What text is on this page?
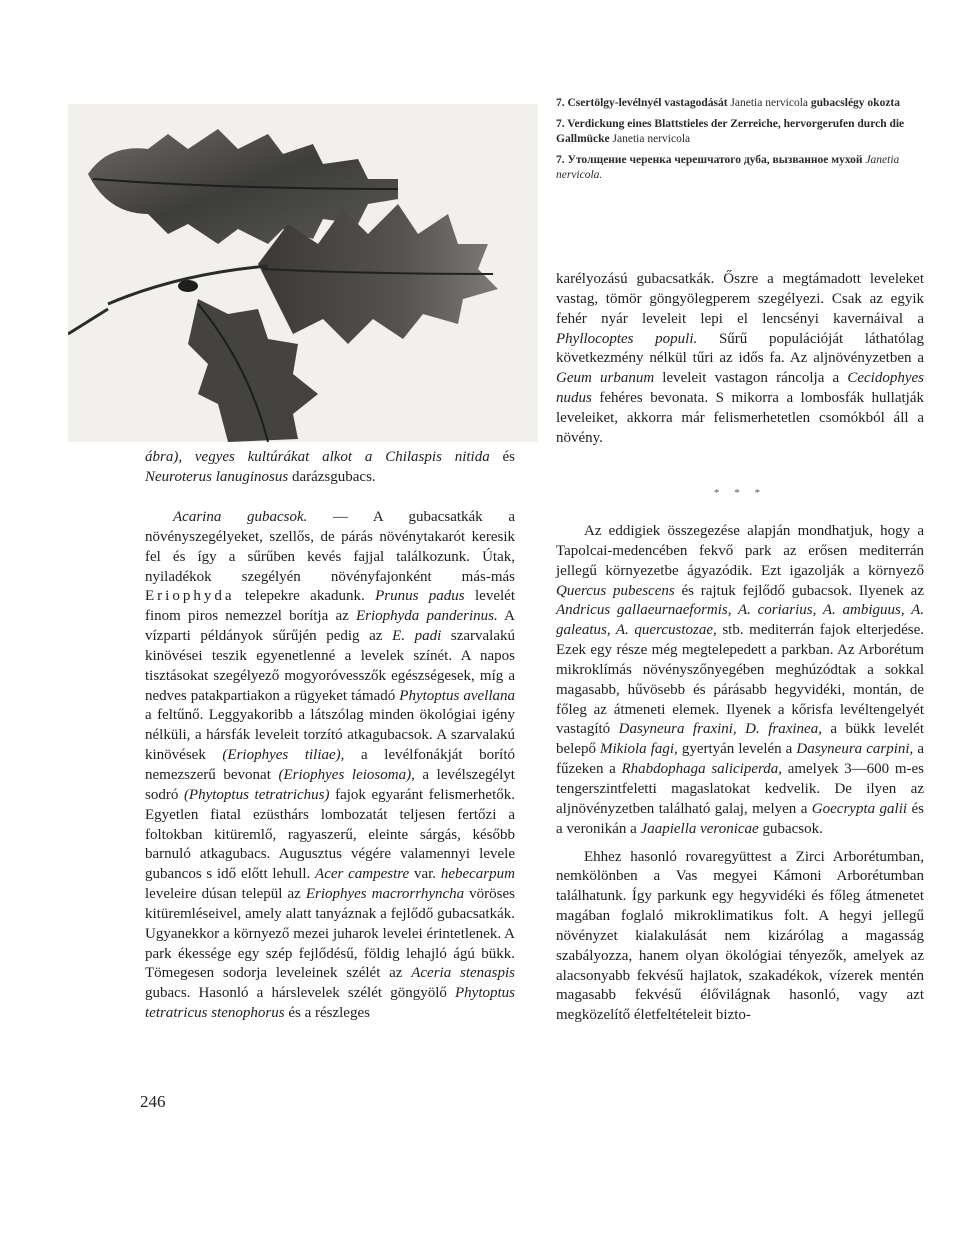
7. Csertölgy-levélnyél vastagodását Janetia nervicola gubacslégy okozta

7. Verdickung eines Blattstieles der Zerreiche, hervorgerufen durch die Gallmücke Janetia nervicola

7. Утолщение черенка черешчатого дуба, вызванное мухой Janetia nervicola.

ábra), vegyes kultúrákat alkot a Chilaspis nitida és Neuroterus lanuginosus darázsgubacs.

Acarina gubacsok. — A gubacsatkák a növényszegélyeket, szellős, de párás növénytakarót keresik fel és így a sűrűben kevés fajjal találkozunk. Útak, nyiladékok szegélyén növényfajonként más-más Eriophyda telepekre akadunk. Prunus padus levelét finom piros nemezzel borítja az Eriophyda panderinus. A vízparti példányok sűrűjén pedig az E. padi szarvalakú kinövései teszik egyenetlenné a levelek színét. A napos tisztásokat szegélyező mogyoróvesszők egészségesek, míg a nedves patakpartiakon a rügyeket támadó Phytoptus avellana a feltűnő. Leggyakoribb a látszólag minden ökológiai igény nélküli, a hársfák leveleit torzító atkagubacsok. A szarvalakú kinövések (Eriophyes tiliae), a levélfonákját borító nemezszerű bevonat (Eriophyes leiosoma), a levélszegélyt sodró (Phytoptus tetratrichus) fajok egyaránt felismerhetők. Egyetlen fiatal ezüsthárs lombozatát teljesen fertőzi a foltokban kitüremlő, ragyaszerű, eleinte sárgás, később barnuló atkagubacs. Augusztus végére valamennyi levele gubancos s idő előtt lehull. Acer campestre var. hebecarpum leveleire dúsan települ az Eriophyes macrorrhyncha vöröses kitüremléseivel, amely alatt tanyáznak a fejlődő gubacsatkák. Ugyanekkor a környező mezei juharok levelei érintetlenek. A park ékessége egy szép fejlődésű, földig lehajló ágú bükk. Tömegesen sodorja leveleinek szélét az Aceria stenaspis gubacs. Hasonló a hárslevelek szélét göngyölő Phytoptus tetratricus stenophorus és a részleges

karélyozású gubacsatkák. Őszre a megtámadott leveleket vastag, tömör göngyölegperem szegélyezi. Csak az egyik fehér nyár leveleit lepi el lencsényi kavernáival a Phyllocoptes populi. Sűrű populációját láthatólag következmény nélkül tűri az idős fa. Az aljnövényzetben a Geum urbanum leveleit vastagon ráncolja a Cecidophyes nudus fehéres bevonata. S mikorra a lombosfák hullatják leveleiket, akkorra már felismerhetetlen csomókból áll a növény.

* * *

Az eddigiek összegezése alapján mondhatjuk, hogy a Tapolcai-medencében fekvő park az erősen mediterrán jellegű környezetbe ágyazódik. Ezt igazolják a környező Quercus pubescens és rajtuk fejlődő gubacsok. Ilyenek az Andricus gallaeurnaeformis, A. coriarius, A. ambiguus, A. galeatus, A. quercustozae, stb. mediterrán fajok elterjedése. Ezek egy része még megtelepedett a parkban. Az Arborétum mikroklímás növényszőnyegében meghúzódtak a sokkal magasabb, hűvösebb és párásabb hegyvidéki, montán, de főleg az átmeneti elemek. Ilyenek a kőrisfa levéltengelyét vastagító Dasyneura fraxini, D. fraxinea, a bükk levelét belepő Mikiola fagi, gyertyán levelén a Dasyneura carpini, a fűzeken a Rhabdophaga saliciperda, amelyek 3—600 m-es tengerszintfeletti magaslatokat kedvelik. De ilyen az aljnövényzetben található galaj, melyen a Goecrypta galii és a veronikán a Jaapiella veronicae gubacsok.

Ehhez hasonló rovaregyüttest a Zirci Arborétumban, nemkölönben a Vas megyei Kámoni Arborétumban találhatunk. Így parkunk egy hegyvidéki és főleg átmenetet magában foglaló mikroklimatikus folt. A hegyi jellegű növényzet kialakulását nem kizárólag a magasság szabályozza, hanem olyan ökológiai tényezők, amelyek az alacsonyabb fekvésű hajlatok, szakadékok, vízerek mentén magasabb fekvésű élővilágnak hasonló, vagy azt megközelítő életfeltételeit bizto-

246
